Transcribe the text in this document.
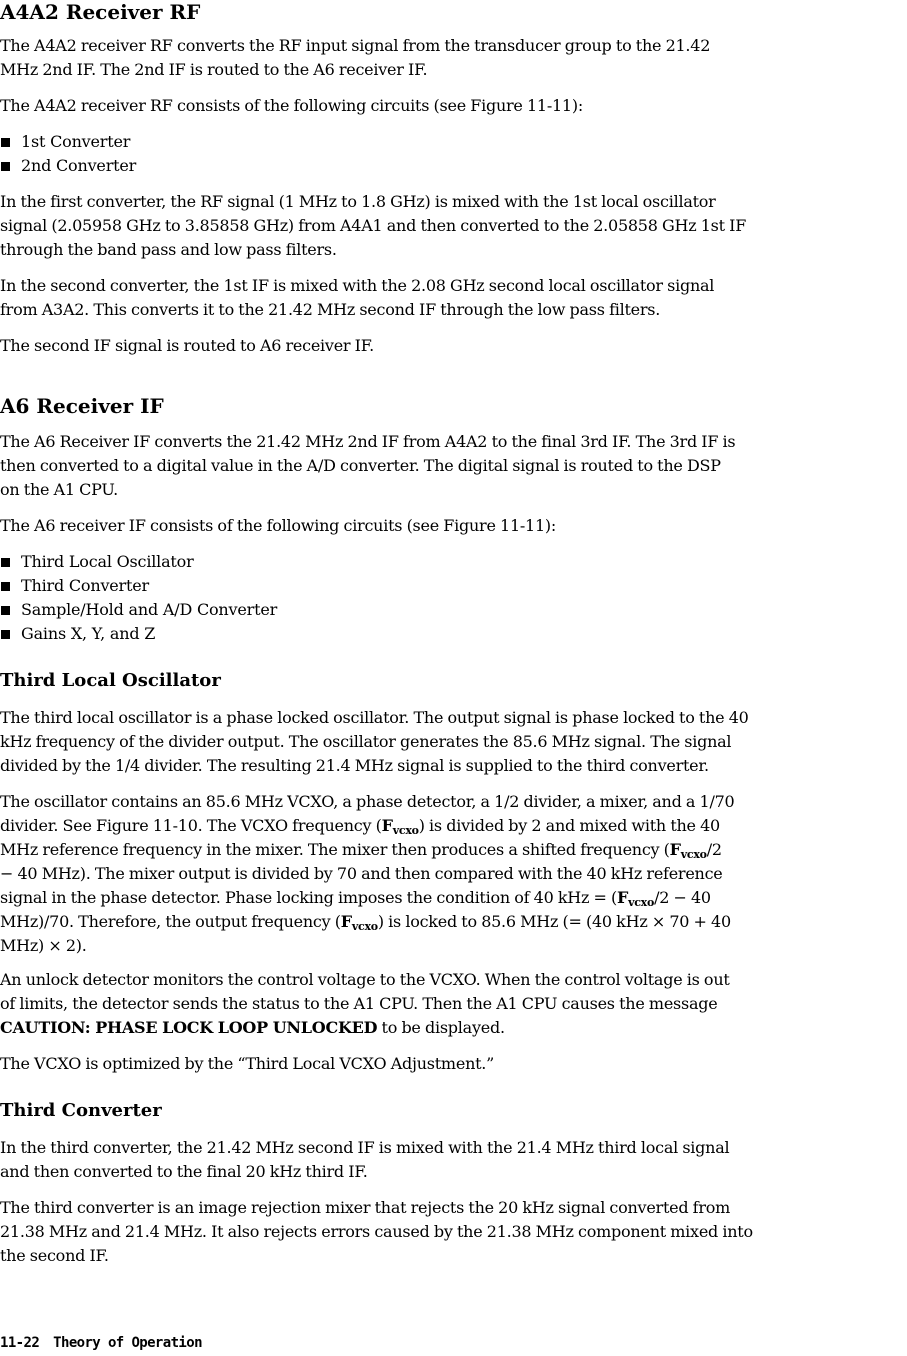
A4A2 Receiver RF
The A4A2 receiver RF converts the RF input signal from the transducer group to the 21.42
MHz 2nd IF. The 2nd IF is routed to the A6 receiver IF.
The A4A2 receiver RF consists of the following circuits (see Figure 11-11):
1st Converter
2nd Converter
In the first converter, the RF signal (1 MHz to 1.8 GHz) is mixed with the 1st local oscillator
signal (2.05958 GHz to 3.85858 GHz) from A4A1 and then converted to the 2.05858 GHz 1st IF
through the band pass and low pass filters.
In the second converter, the 1st IF is mixed with the 2.08 GHz second local oscillator signal
from A3A2. This converts it to the 21.42 MHz second IF through the low pass filters.
The second IF signal is routed to A6 receiver IF.
A6 Receiver IF
The A6 Receiver IF converts the 21.42 MHz 2nd IF from A4A2 to the final 3rd IF. The 3rd IF is
then converted to a digital value in the A/D converter. The digital signal is routed to the DSP
on the A1 CPU.
The A6 receiver IF consists of the following circuits (see Figure 11-11):
Third Local Oscillator
Third Converter
Sample/Hold and A/D Converter
Gains X, Y, and Z
Third Local Oscillator
The third local oscillator is a phase locked oscillator. The output signal is phase locked to the 40
kHz frequency of the divider output. The oscillator generates the 85.6 MHz signal. The signal
divided by the 1/4 divider. The resulting 21.4 MHz signal is supplied to the third converter.
The oscillator contains an 85.6 MHz VCXO, a phase detector, a 1/2 divider, a mixer, and a 1/70
divider. See Figure 11-10. The VCXO frequency $(F_{vcxo})$ is divided by 2 and mixed with the 40
MHz reference frequency in the mixer. The mixer then produces a shifted frequency ($F_{vcxo}/2$
− 40 MHz). The mixer output is divided by 70 and then compared with the 40 kHz reference
signal in the phase detector. Phase locking imposes the condition of 40 kHz = ($F_{vcxo}/2 - 40$
MHz)/70. Therefore, the output frequency $(F_{vcxo})$ is locked to 85.6 MHz (= (40 kHz × 70 + 40
MHz) × 2).
An unlock detector monitors the control voltage to the VCXO. When the control voltage is out
of limits, the detector sends the status to the A1 CPU. Then the A1 CPU causes the message
CAUTION: PHASE LOCK LOOP UNLOCKED to be displayed.
The VCXO is optimized by the “Third Local VCXO Adjustment.”
Third Converter
In the third converter, the 21.42 MHz second IF is mixed with the 21.4 MHz third local signal
and then converted to the final 20 kHz third IF.
The third converter is an image rejection mixer that rejects the 20 kHz signal converted from
21.38 MHz and 21.4 MHz. It also rejects errors caused by the 21.38 MHz component mixed into
the second IF.
11-22 Theory of Operation
